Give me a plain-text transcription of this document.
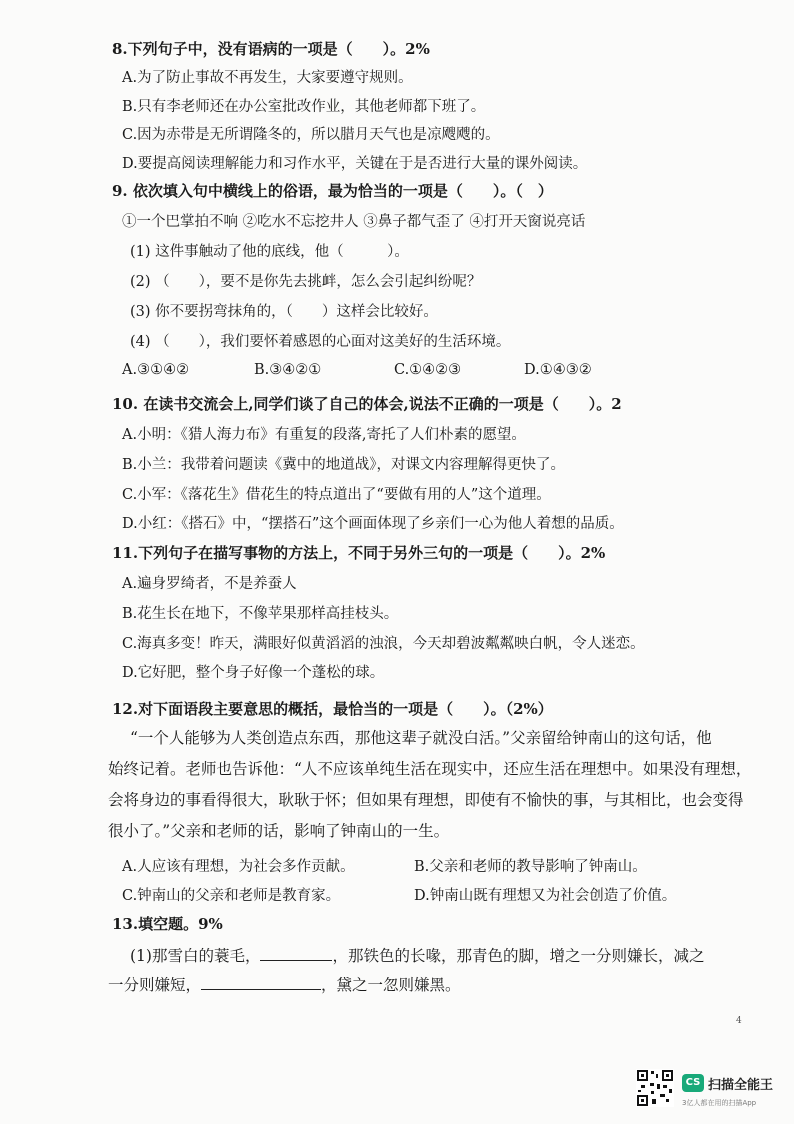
8.下列句子中，没有语病的一项是（　　）。2%
A.为了防止事故不再发生，大家要遵守规则。
B.只有李老师还在办公室批改作业，其他老师都下班了。
C.因为赤带是无所谓隆冬的，所以腊月天气也是凉飕飕的。
D.要提高阅读理解能力和习作水平，关键在于是否进行大量的课外阅读。
9. 依次填入句中横线上的俗语，最为恰当的一项是（　　）。（　）
①一个巴掌拍不响 ②吃水不忘挖井人 ③鼻子都气歪了 ④打开天窗说亮话
(1) 这件事触动了他的底线，他（　　　）。
(2) （　　），要不是你先去挑衅，怎么会引起纠纷呢？
(3) 你不要拐弯抹角的，（　　）这样会比较好。
(4) （　　），我们要怀着感恩的心面对这美好的生活环境。
A.③①④②	B.③④②①	C.①④②③	D.①④③②
10. 在读书交流会上,同学们谈了自己的体会,说法不正确的一项是（　　）。2
A.小明：《猎人海力布》有重复的段落,寄托了人们朴素的愿望。
B.小兰：我带着问题读《冀中的地道战》，对课文内容理解得更快了。
C.小军：《落花生》借花生的特点道出了“要做有用的人”这个道理。
D.小红：《搭石》中，“摆搭石”这个画面体现了乡亲们一心为他人着想的品质。
11.下列句子在描写事物的方法上，不同于另外三句的一项是（　　）。2%
A.遍身罗绮者，不是养蚕人
B.花生长在地下，不像苹果那样高挂枝头。
C.海真多变！昨天，满眼好似黄滔滔的浊浪，今天却碧波粼粼映白帆，令人迷恋。
D.它好肥，整个身子好像一个蓬松的球。
12.对下面语段主要意思的概括，最恰当的一项是（　　）。（2%）
“一个人能够为人类创造点东西，那他这辈子就没白活。”父亲留给钟南山的这句话，他
始终记着。老师也告诉他：“人不应该单纯生活在现实中，还应生活在理想中。如果没有理想，
会将身边的事看得很大，耿耿于怀；但如果有理想，即使有不愉快的事，与其相比，也会变得
很小了。”父亲和老师的话，影响了钟南山的一生。
A.人应该有理想，为社会多作贡献。	B.父亲和老师的教导影响了钟南山。
C.钟南山的父亲和老师是教育家。	D.钟南山既有理想又为社会创造了价值。
13.填空题。9%
(1)那雪白的蓑毛，	，那铁色的长喙，那青色的脚，增之一分则嫌长，减之
一分则嫌短，	，黛之一忽则嫌黑。
4
CS 扫描全能王
3亿人都在用的扫描App
